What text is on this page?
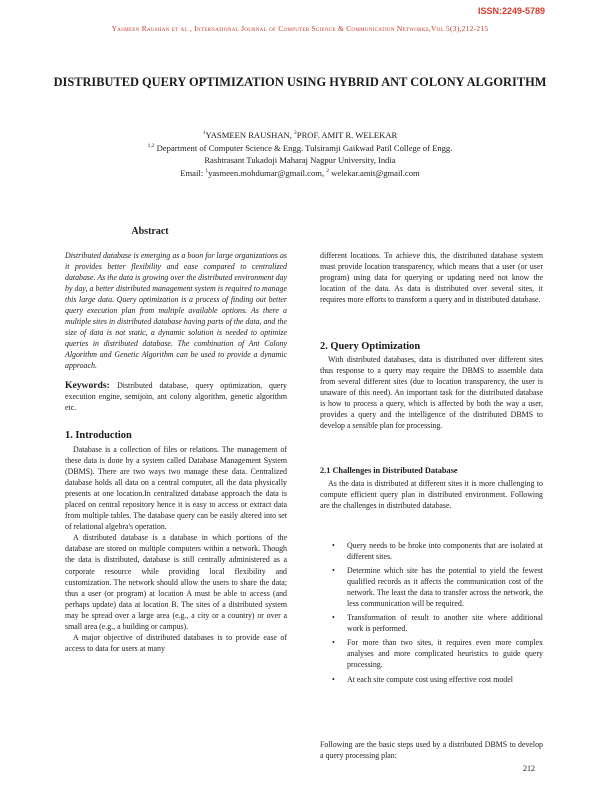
ISSN:2249-5789
Yasmeen Raushan et al , International Journal of Computer Science & Communication Networks,Vol 5(3),212-215
DISTRIBUTED QUERY OPTIMIZATION USING HYBRID ANT COLONY ALGORITHM
$^1$YASMEEN RAUSHAN, $^2$PROF. AMIT R. WELEKAR
$^{1,2}$ Department of Computer Science & Engg. Tulsiramji Gaikwad Patil College of Engg.
Rashtrasant Tukadoji Maharaj Nagpur University, India
Email: $^1$yasmeen.mohdumar@gmail.com, $^2$ welekar.amit@gmail.com
Abstract
Distributed database is emerging as a boon for large organizations as it provides better flexibility and ease compared to centralized database. As the data is growing over the distributed environment day by day, a better distributed management system is required to manage this large data. Query optimization is a process of finding out better query execution plan from multiple available options. As there a multiple sites in distributed database having parts of the data, and the size of data is not static, a dynamic solution is needed to optimize queries in distributed database. The combination of Ant Colony Algorithm and Genetic Algorithm can be used to provide a dynamic approach.
Keywords: Distributed database, query optimization, query execution engine, semijoin, ant colony algorithm, genetic algorithm etc.
1. Introduction

Database is a collection of files or relations. The management of these data is done by a system called Database Management System (DBMS). There are two ways two manage these data. Centralized database holds all data on a central computer, all the data physically presents at one location.In centralized database approach the data is placed on central repository hence it is easy to access or extract data from multiple tables. The database query can be easily altered into set of relational algebra's operation.

A distributed database is a database in which portions of the database are stored on multiple computers within a network. Though the data is distributed, database is still centrally administered as a corporate resource while providing local flexibility and customization. The network should allow the users to share the data; thus a user (or program) at location A must be able to access (and perhaps update) data at location B. The sites of a distributed system may be spread over a large area (e.g., a city or a country) or over a small area (e.g., a building or campus).

A major objective of distributed databases is to provide ease of access to data for users at many

different locations. To achieve this, the distributed database system must provide location transparency, which means that a user (or user program) using data for querying or updating need not know the location of the data. As data is distributed over several sites, it requires more efforts to transform a query and in distributed database.

2. Query Optimization

With distributed databases, data is distributed over different sites thus response to a query may require the DBMS to assemble data from several different sites (due to location transparency, the user is unaware of this need). An important task for the distributed database is how to process a query, which is affected by both the way a user, provides a query and the intelligence of the distributed DBMS to develop a sensible plan for processing.

2.1 Challenges in Distributed Database

As the data is distributed at different sites it is more challenging to compute efficient query plan in distributed environment. Following are the challenges in distributed database.

• Query needs to be broke into components that are isolated at different sites.
• Determine which site has the potential to yield the fewest qualified records as it affects the communication cost of the network. The least the data to transfer across the network, the less communication will be required.
• Transformation of result to another site where additional work is performed.
• For more than two sites, it requires even more complex analyses and more complicated heuristics to guide query processing.
• At each site compute cost using effective cost model

Following are the basic steps used by a distributed DBMS to develop a query processing plan:

212
